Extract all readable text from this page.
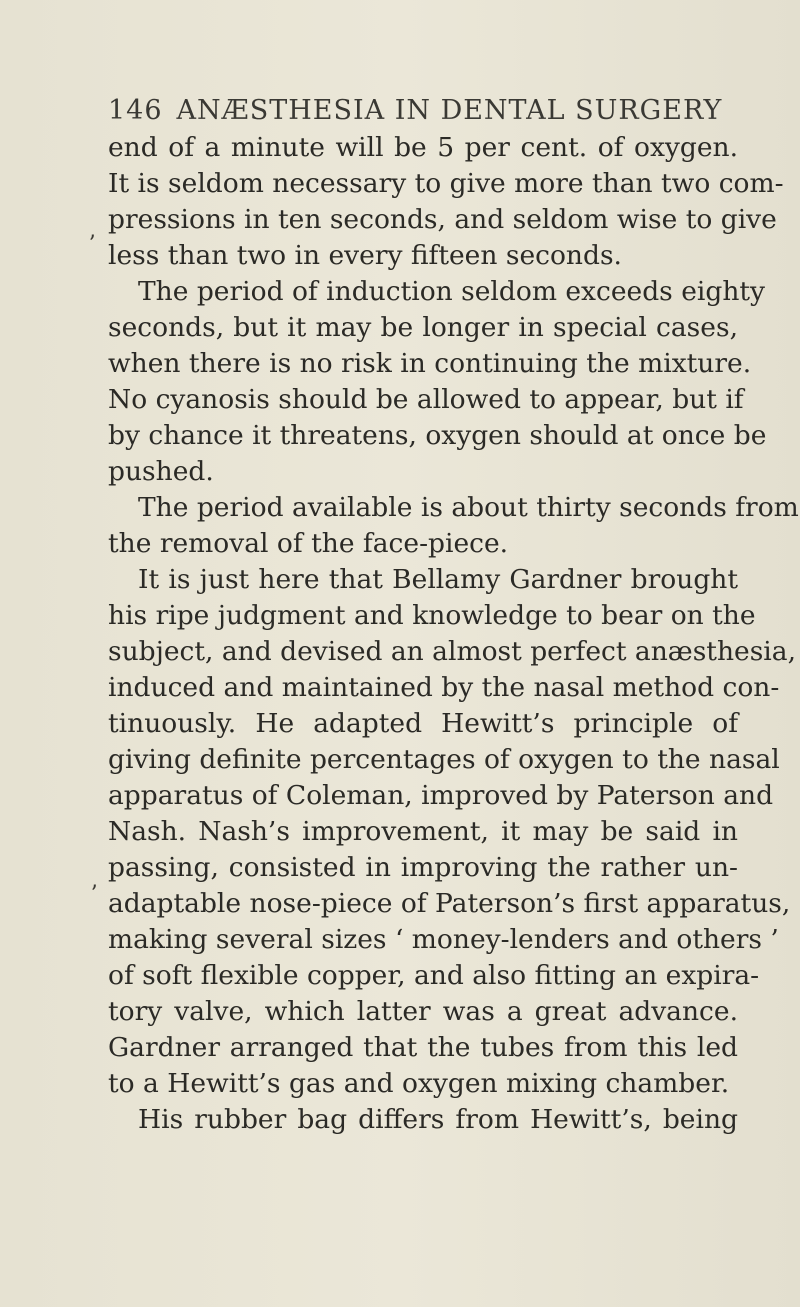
146 ANÆSTHESIA IN DENTAL SURGERY
end of a minute will be 5 per cent. of oxygen.
It is seldom necessary to give more than two com-
pressions in ten seconds, and seldom wise to give
less than two in every fifteen seconds.
The period of induction seldom exceeds eighty
seconds, but it may be longer in special cases,
when there is no risk in continuing the mixture.
No cyanosis should be allowed to appear, but if
by chance it threatens, oxygen should at once be
pushed.
The period available is about thirty seconds from
the removal of the face-piece.
It is just here that Bellamy Gardner brought
his ripe judgment and knowledge to bear on the
subject, and devised an almost perfect anæsthesia,
induced and maintained by the nasal method con-
tinuously. He adapted Hewitt’s principle of
giving definite percentages of oxygen to the nasal
apparatus of Coleman, improved by Paterson and
Nash. Nash’s improvement, it may be said in
passing, consisted in improving the rather un-
adaptable nose-piece of Paterson’s first apparatus,
making several sizes ‘ money-lenders and others ’
of soft flexible copper, and also fitting an expira-
tory valve, which latter was a great advance.
Gardner arranged that the tubes from this led
to a Hewitt’s gas and oxygen mixing chamber.
His rubber bag differs from Hewitt’s, being
ʼ
ʼ
